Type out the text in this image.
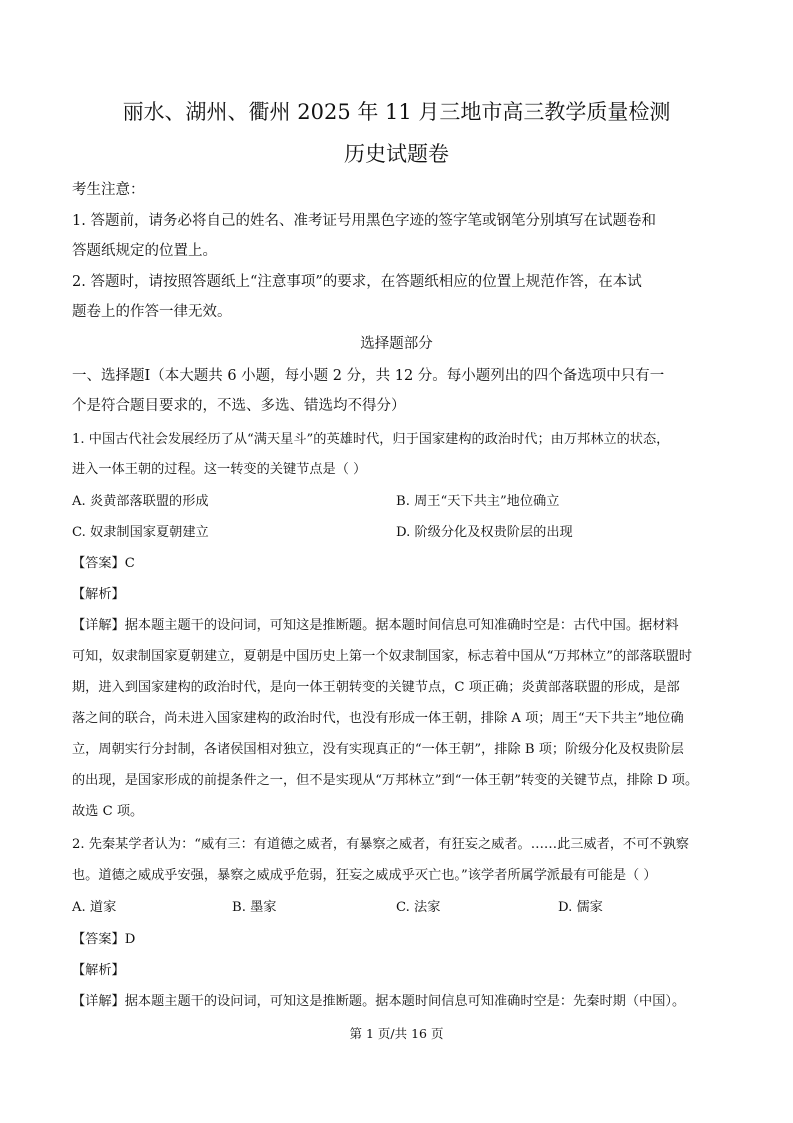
丽水、湖州、衢州 2025 年 11 月三地市高三教学质量检测
历史试题卷
考生注意：
1. 答题前，请务必将自己的姓名、准考证号用黑色字迹的签字笔或钢笔分别填写在试题卷和
答题纸规定的位置上。
2. 答题时，请按照答题纸上“注意事项”的要求，在答题纸相应的位置上规范作答，在本试
题卷上的作答一律无效。
选择题部分
一、选择题Ⅰ（本大题共 6 小题，每小题 2 分，共 12 分。每小题列出的四个备选项中只有一
个是符合题目要求的，不选、多选、错选均不得分）
1. 中国古代社会发展经历了从“满天星斗”的英雄时代，归于国家建构的政治时代；由万邦林立的状态，
进入一体王朝的过程。这一转变的关键节点是（ ）
A. 炎黄部落联盟的形成	B. 周王“天下共主”地位确立
C. 奴隶制国家夏朝建立	D. 阶级分化及权贵阶层的出现
【答案】C
【解析】
【详解】据本题主题干的设问词，可知这是推断题。据本题时间信息可知准确时空是：古代中国。据材料
可知，奴隶制国家夏朝建立，夏朝是中国历史上第一个奴隶制国家，标志着中国从“万邦林立”的部落联盟时
期，进入到国家建构的政治时代，是向一体王朝转变的关键节点，C 项正确；炎黄部落联盟的形成，是部
落之间的联合，尚未进入国家建构的政治时代，也没有形成一体王朝，排除 A 项；周王“天下共主”地位确
立，周朝实行分封制，各诸侯国相对独立，没有实现真正的“一体王朝”，排除 B 项；阶级分化及权贵阶层
的出现，是国家形成的前提条件之一，但不是实现从“万邦林立”到“一体王朝”转变的关键节点，排除 D 项。
故选 C 项。
2. 先秦某学者认为：“威有三：有道德之威者，有暴察之威者，有狂妄之威者。……此三威者，不可不孰察
也。道德之威成乎安强，暴察之威成乎危弱，狂妄之威成乎灭亡也。”该学者所属学派最有可能是（ ）
A. 道家	B. 墨家	C. 法家	D. 儒家
【答案】D
【解析】
【详解】据本题主题干的设问词，可知这是推断题。据本题时间信息可知准确时空是：先秦时期（中国）。
第 1 页/共 16 页
